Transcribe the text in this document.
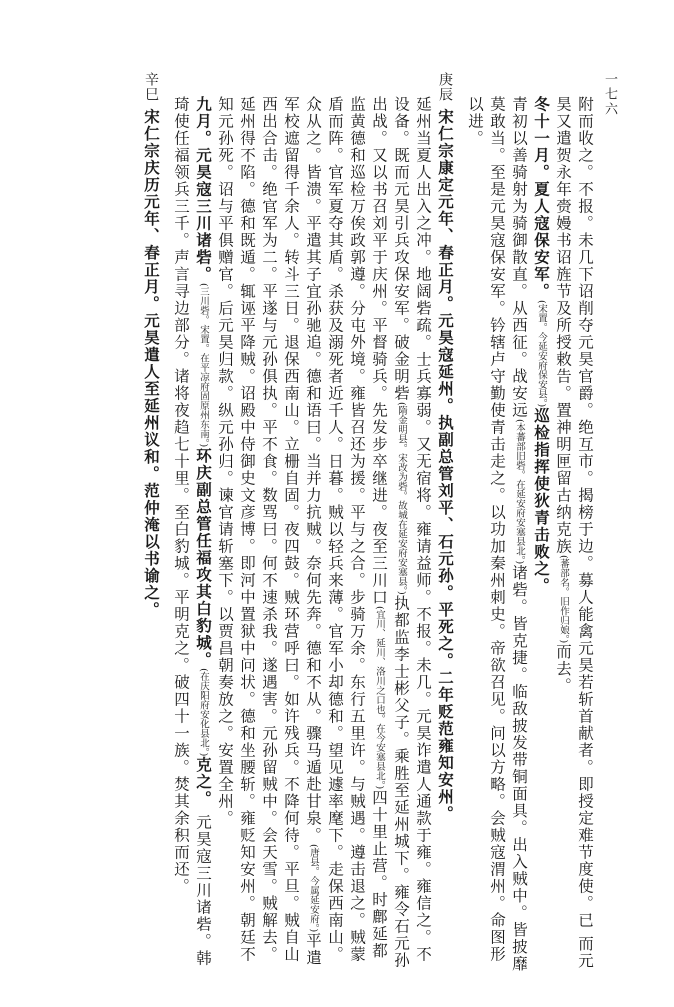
一七六
附而收之。不报。未几下诏削夺元昊官爵。绝互市。揭榜于边。募人能禽元昊若斩首献者。即授定难节度使。已 而元昊又遣贺永年赍嫚书诏旌节及所授敕告。置神明匣留古纳克族(蕃部名。旧作归娘。)而去。
冬十一月。夏人寇保安军。(宋置。今延安府保安县。)巡检指挥使狄青击败之。
青初以善骑射为骑御散直。从西征。战安远(本蕃部旧砦。在延安府安塞县北。)诸砦。皆克捷。临敌披发带铜面具。出入贼中。皆披靡莫敢当。至是元昊寇保安军。钤辖卢守勤使青击走之。以功加秦州刺史。帝欲召见。问以方略。会贼寇渭州。命图形以进。
庚辰 宋仁宗康定元年、春正月。元昊寇延州。执副总管刘平、石元孙。平死之。二年贬范雍知安州。
延州当夏人出入之冲。地阔砦疏。士兵寡弱。又无宿将。雍请益师。不报。未几。元昊诈遣人通款于雍。雍信之。不设备。既而元昊引兵攻保安军。破金明砦(隋金明县。宋改为砦。故城在延安府安塞县。)执都监李士彬父子。乘胜至延州城下。雍令石元孙出战。又以书召刘平于庆州。平督骑兵。先发步卒继进。夜至三川口(宜川、延川、洛川之口也。在今安塞县北。)四十里止营。时鄜延都监黄德和巡检万俟政郭遵。分屯外境。雍皆召还为援。平与之合。步骑万余。东行五里许。与贼遇。遵击退之。贼蒙盾而阵。官军夏夺其盾。杀获及溺死者近千人。日暮。贼以轻兵来薄。官军小却德和。望见遽率麾下。走保西南山。众从之。皆溃。平遣其子宜孙驰追。德和语曰。当并力抗贼。奈何先奔。德和不从。骤马遁赴甘泉。(唐县。今属延安府。)平遣军校遮留得千余人。转斗三日。退保西南山。立栅自固。夜四鼓。贼环营呼曰。如许残兵。不降何待。平旦。贼自山西出合击。绝官军为二。平遂与元孙俱执。平不食。数骂曰。何不速杀我。遂遇害。元孙留贼中。会天雪。贼解去。延州得不陷。德和既遁。辄诬平降贼。诏殿中侍御史文彦博。即河中置狱中问状。德和坐腰斩。雍贬知安州。朝廷不知元孙死。诏与平俱赠官。后元昊归款。纵元孙归。谏官请斩塞下。以贾昌朝奏放之。安置全州。
九月。元昊寇三川诸砦。(三川砦。宋置。在平凉府固原州东南。)环庆副总管任福攻其白豹城。(在庆阳府安化县北。)克之。 元昊寇三川诸砦。韩琦使任福领兵三千。声言寻边部分。诸将夜趋七十里。至白豹城。平明克之。破四十一族。焚其余积而还。
辛巳 宋仁宗庆历元年、春正月。元昊遣人至延州议和。范仲淹以书谕之。
